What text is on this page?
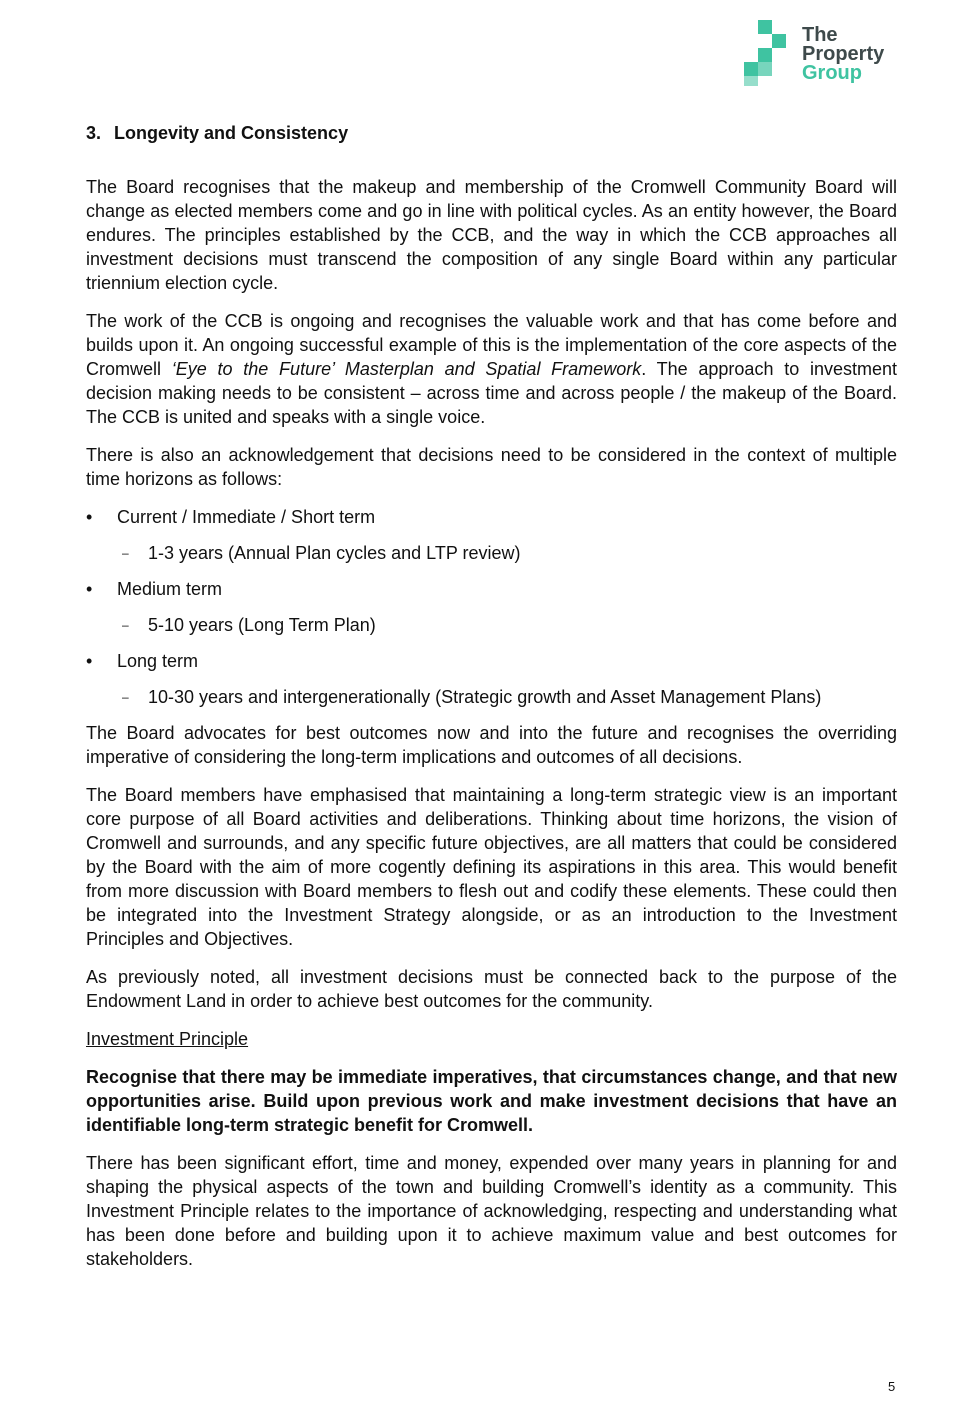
The
Property
Group
3. Longevity and Consistency

The Board recognises that the makeup and membership of the Cromwell Community Board will change as elected members come and go in line with political cycles. As an entity however, the Board endures. The principles established by the CCB, and the way in which the CCB approaches all investment decisions must transcend the composition of any single Board within any particular triennium election cycle.

The work of the CCB is ongoing and recognises the valuable work and that has come before and builds upon it. An ongoing successful example of this is the implementation of the core aspects of the Cromwell ‘Eye to the Future’ Masterplan and Spatial Framework. The approach to investment decision making needs to be consistent – across time and across people / the makeup of the Board. The CCB is united and speaks with a single voice.

There is also an acknowledgement that decisions need to be considered in the context of multiple time horizons as follows:

• Current / Immediate / Short term
– 1-3 years (Annual Plan cycles and LTP review)
• Medium term
– 5-10 years (Long Term Plan)
• Long term
– 10-30 years and intergenerationally (Strategic growth and Asset Management Plans)

The Board advocates for best outcomes now and into the future and recognises the overriding imperative of considering the long-term implications and outcomes of all decisions.

The Board members have emphasised that maintaining a long-term strategic view is an important core purpose of all Board activities and deliberations. Thinking about time horizons, the vision of Cromwell and surrounds, and any specific future objectives, are all matters that could be considered by the Board with the aim of more cogently defining its aspirations in this area. This would benefit from more discussion with Board members to flesh out and codify these elements. These could then be integrated into the Investment Strategy alongside, or as an introduction to the Investment Principles and Objectives.

As previously noted, all investment decisions must be connected back to the purpose of the Endowment Land in order to achieve best outcomes for the community.

Investment Principle

Recognise that there may be immediate imperatives, that circumstances change, and that new opportunities arise. Build upon previous work and make investment decisions that have an identifiable long-term strategic benefit for Cromwell.

There has been significant effort, time and money, expended over many years in planning for and shaping the physical aspects of the town and building Cromwell’s identity as a community. This Investment Principle relates to the importance of acknowledging, respecting and understanding what has been done before and building upon it to achieve maximum value and best outcomes for stakeholders.

5
